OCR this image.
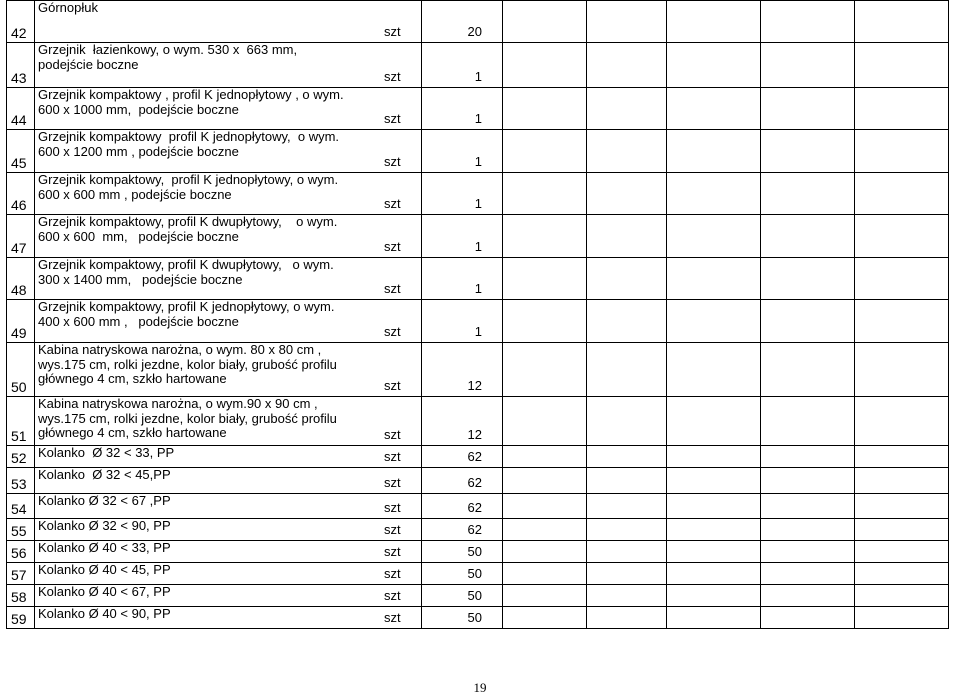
42	Górnopłuk
szt	20					
43	Grzejnik  łazienkowy, o wym. 530 x  663 mm,
podejście boczne
szt	1					
44	Grzejnik kompaktowy , profil K jednopłytowy , o wym.
600 x 1000 mm,  podejście boczne
szt	1					
45	Grzejnik kompaktowy  profil K jednopłytowy,  o wym.
600 x 1200 mm , podejście boczne
szt	1					
46	Grzejnik kompaktowy,  profil K jednopłytowy, o wym.
600 x 600 mm , podejście boczne
szt	1					
47	Grzejnik kompaktowy, profil K dwupłytowy,    o wym.
600 x 600  mm,   podejście boczne
szt	1					
48	Grzejnik kompaktowy, profil K dwupłytowy,   o wym.
300 x 1400 mm,   podejście boczne
szt	1					
49	Grzejnik kompaktowy, profil K jednopłytowy, o wym.
400 x 600 mm ,   podejście boczne
szt	1					
50	Kabina natryskowa narożna, o wym. 80 x 80 cm ,
wys.175 cm, rolki jezdne, kolor biały, grubość profilu
głównego 4 cm, szkło hartowane szt	12					
51	Kabina natryskowa narożna, o wym.90 x 90 cm ,
wys.175 cm, rolki jezdne, kolor biały, grubość profilu
głównego 4 cm, szkło hartowane szt	12					
52	Kolanko  Ø 32 < 33, PP szt	62					
53	Kolanko  Ø 32 < 45,PP szt	62					
54	Kolanko Ø 32 < 67 ,PP szt	62					
55	Kolanko Ø 32 < 90, PP szt	62					
56	Kolanko Ø 40 < 33, PP szt	50					
57	Kolanko Ø 40 < 45, PP szt	50					
58	Kolanko Ø 40 < 67, PP szt	50					
59	Kolanko Ø 40 < 90, PP szt	50					
19
